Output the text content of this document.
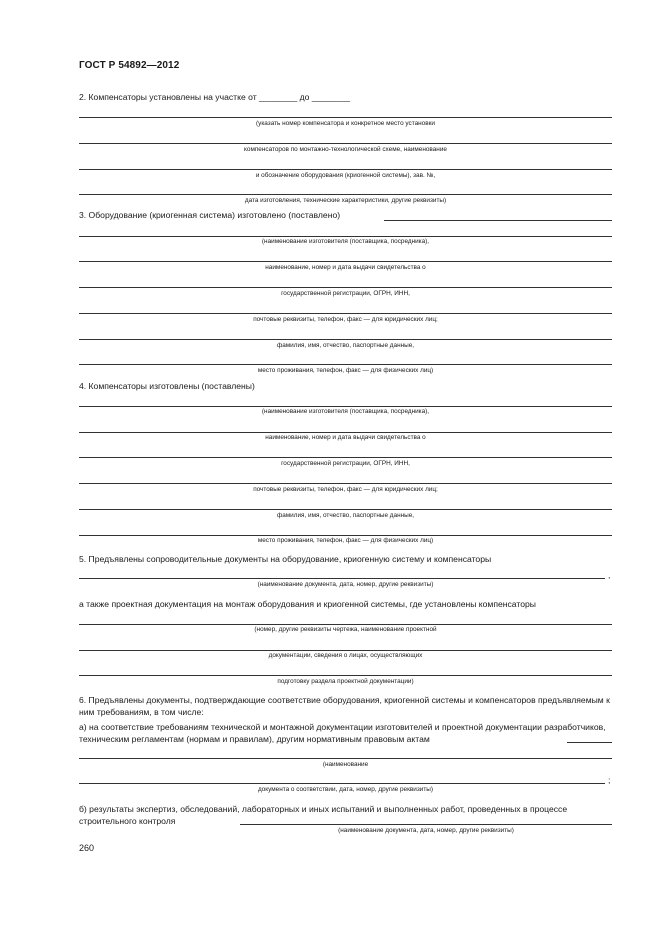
ГОСТ Р 54892—2012
2. Компенсаторы установлены на участке от ________ до ________
(указать номер компенсатора и конкретное место установки
компенсаторов по монтажно-технологической схеме, наименование
и обозначение оборудования (криогенной системы), зав. №,
дата изготовления, технические характеристики, другие реквизиты)
3. Оборудование (криогенная система) изготовлено (поставлено)
(наименование изготовителя (поставщика, посредника),
наименование, номер и дата выдачи свидетельства о
государственной регистрации, ОГРН, ИНН,
почтовые реквизиты, телефон, факс — для юридических лиц;
фамилия, имя, отчество, паспортные данные,
место проживания, телефон, факс — для физических лиц)
4. Компенсаторы изготовлены (поставлены)
(наименование изготовителя (поставщика, посредника),
наименование, номер и дата выдачи свидетельства о
государственной регистрации, ОГРН, ИНН,
почтовые реквизиты, телефон, факс — для юридических лиц;
фамилия, имя, отчество, паспортные данные,
место проживания, телефон, факс — для физических лиц)
5. Предъявлены сопроводительные документы на оборудование, криогенную систему и компенсаторы
,
(наименование документа, дата, номер, другие реквизиты)
а также проектная документация на монтаж оборудования и криогенной системы, где установлены компенсаторы
(номер, другие реквизиты чертежа, наименование проектной
документации, сведения о лицах, осуществляющих
подготовку раздела проектной документации)
6. Предъявлены документы, подтверждающие соответствие оборудования, криогенной системы и компенсаторов предъявляемым к ним требованиям, в том числе:
а) на соответствие требованиям технической и монтажной документации изготовителей и проектной документации разработчиков, техническим регламентам (нормам и правилам), другим нормативным правовым актам
(наименование
;
документа о соответствии, дата, номер, другие реквизиты)
б) результаты экспертиз, обследований, лабораторных и иных испытаний и выполненных работ, проведенных в процессе строительного контроля
(наименование документа, дата, номер, другие реквизиты)
260
